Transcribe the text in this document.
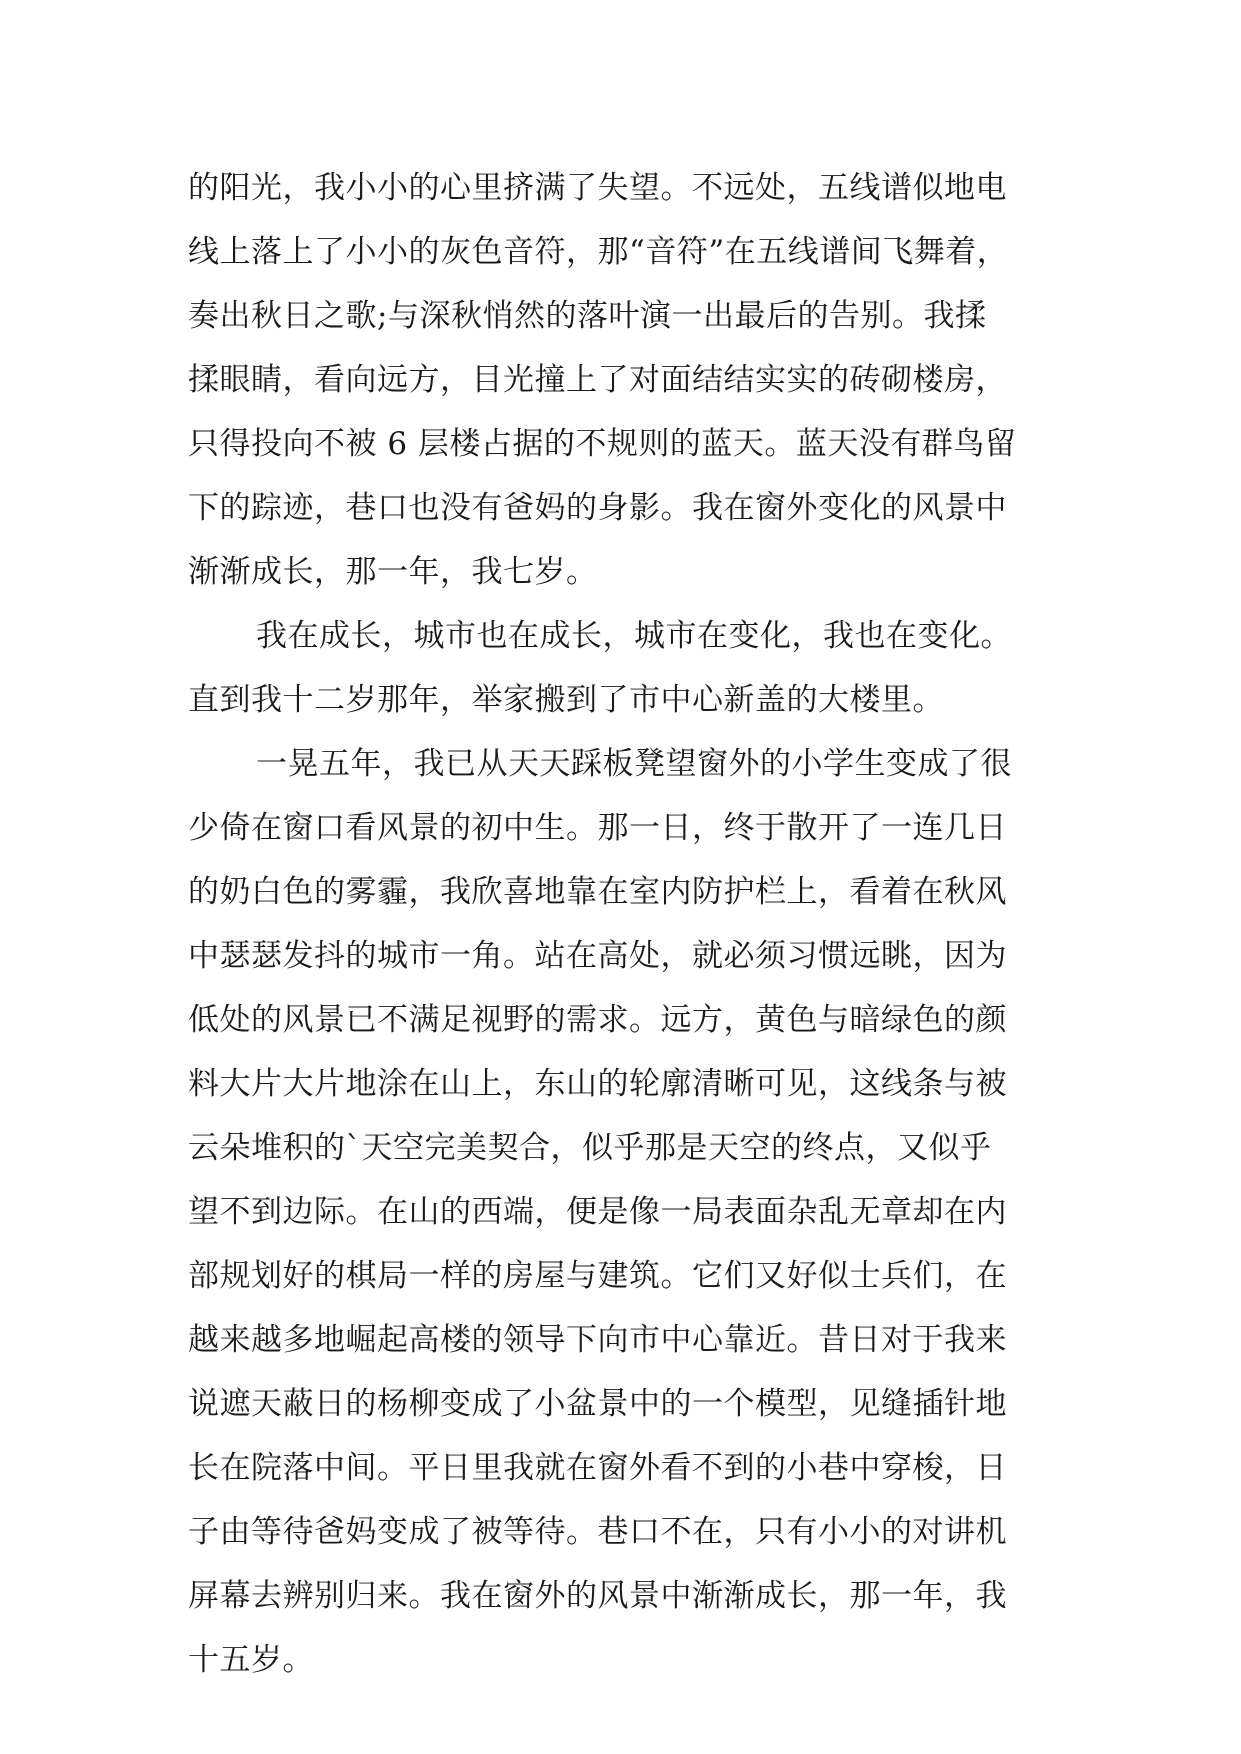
的阳光，我小小的心里挤满了失望。不远处，五线谱似地电
线上落上了小小的灰色音符，那“音符”在五线谱间飞舞着，
奏出秋日之歌;与深秋悄然的落叶演一出最后的告别。我揉
揉眼睛，看向远方，目光撞上了对面结结实实的砖砌楼房，
只得投向不被 6 层楼占据的不规则的蓝天。蓝天没有群鸟留
下的踪迹，巷口也没有爸妈的身影。我在窗外变化的风景中
渐渐成长，那一年，我七岁。
我在成长，城市也在成长，城市在变化，我也在变化。
直到我十二岁那年，举家搬到了市中心新盖的大楼里。
一晃五年，我已从天天踩板凳望窗外的小学生变成了很
少倚在窗口看风景的初中生。那一日，终于散开了一连几日
的奶白色的雾霾，我欣喜地靠在室内防护栏上，看着在秋风
中瑟瑟发抖的城市一角。站在高处，就必须习惯远眺，因为
低处的风景已不满足视野的需求。远方，黄色与暗绿色的颜
料大片大片地涂在山上，东山的轮廓清晰可见，这线条与被
云朵堆积的`天空完美契合，似乎那是天空的终点，又似乎
望不到边际。在山的西端，便是像一局表面杂乱无章却在内
部规划好的棋局一样的房屋与建筑。它们又好似士兵们，在
越来越多地崛起高楼的领导下向市中心靠近。昔日对于我来
说遮天蔽日的杨柳变成了小盆景中的一个模型，见缝插针地
长在院落中间。平日里我就在窗外看不到的小巷中穿梭，日
子由等待爸妈变成了被等待。巷口不在，只有小小的对讲机
屏幕去辨别归来。我在窗外的风景中渐渐成长，那一年，我
十五岁。
